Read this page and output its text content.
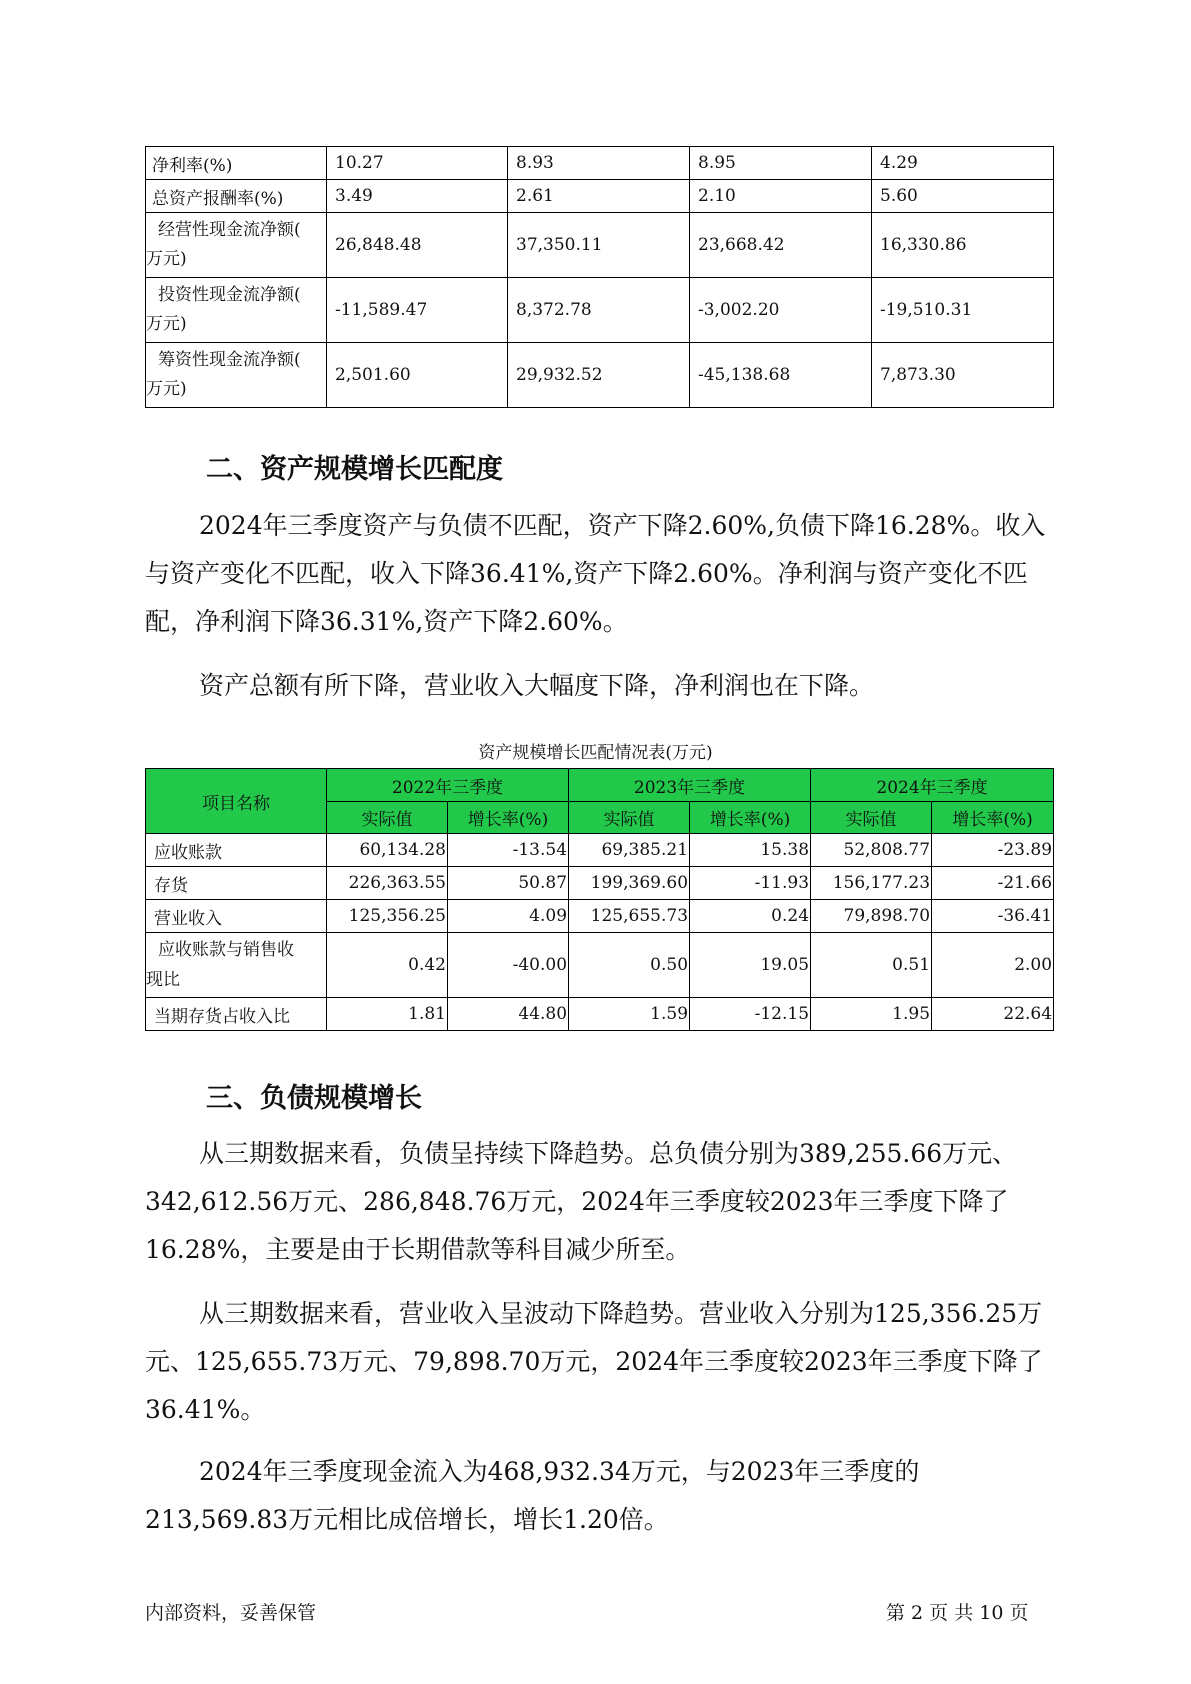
净利率(%)	10.27	8.93	8.95	4.29
总资产报酬率(%)	3.49	2.61	2.10	5.60

经营性现金流净额(
万元)	26,848.48	37,350.11	23,668.42	16,330.86

投资性现金流净额(
万元)	-11,589.47	8,372.78	-3,002.20	-19,510.31

筹资性现金流净额(
万元)	2,501.60	29,932.52	-45,138.68	7,873.30
二、资产规模增长匹配度

2024年三季度资产与负债不匹配，资产下降2.60%,负债下降16.28%。收入与资产变化不匹配，收入下降36.41%,资产下降2.60%。净利润与资产变化不匹配，净利润下降36.31%,资产下降2.60%。

资产总额有所下降，营业收入大幅度下降，净利润也在下降。

资产规模增长匹配情况表(万元)
项目名称	2022年三季度		2023年三季度		2024年三季度	
	实际值	增长率(%)	实际值	增长率(%)	实际值	增长率(%)
应收账款	60,134.28	-13.54	69,385.21	15.38	52,808.77	-23.89
存货	226,363.55	50.87	199,369.60	-11.93	156,177.23	-21.66
营业收入	125,356.25	4.09	125,655.73	0.24	79,898.70	-36.41

应收账款与销售收
现比	0.42	-40.00	0.50	19.05	0.51	2.00
当期存货占收入比	1.81	44.80	1.59	-12.15	1.95	22.64
三、负债规模增长

从三期数据来看，负债呈持续下降趋势。总负债分别为389,255.66万元、342,612.56万元、286,848.76万元，2024年三季度较2023年三季度下降了16.28%，主要是由于长期借款等科目减少所至。

从三期数据来看，营业收入呈波动下降趋势。营业收入分别为125,356.25万元、125,655.73万元、79,898.70万元，2024年三季度较2023年三季度下降了36.41%。

2024年三季度现金流入为468,932.34万元，与2023年三季度的213,569.83万元相比成倍增长，增长1.20倍。

内部资料，妥善保管	第 2 页 共 10 页
